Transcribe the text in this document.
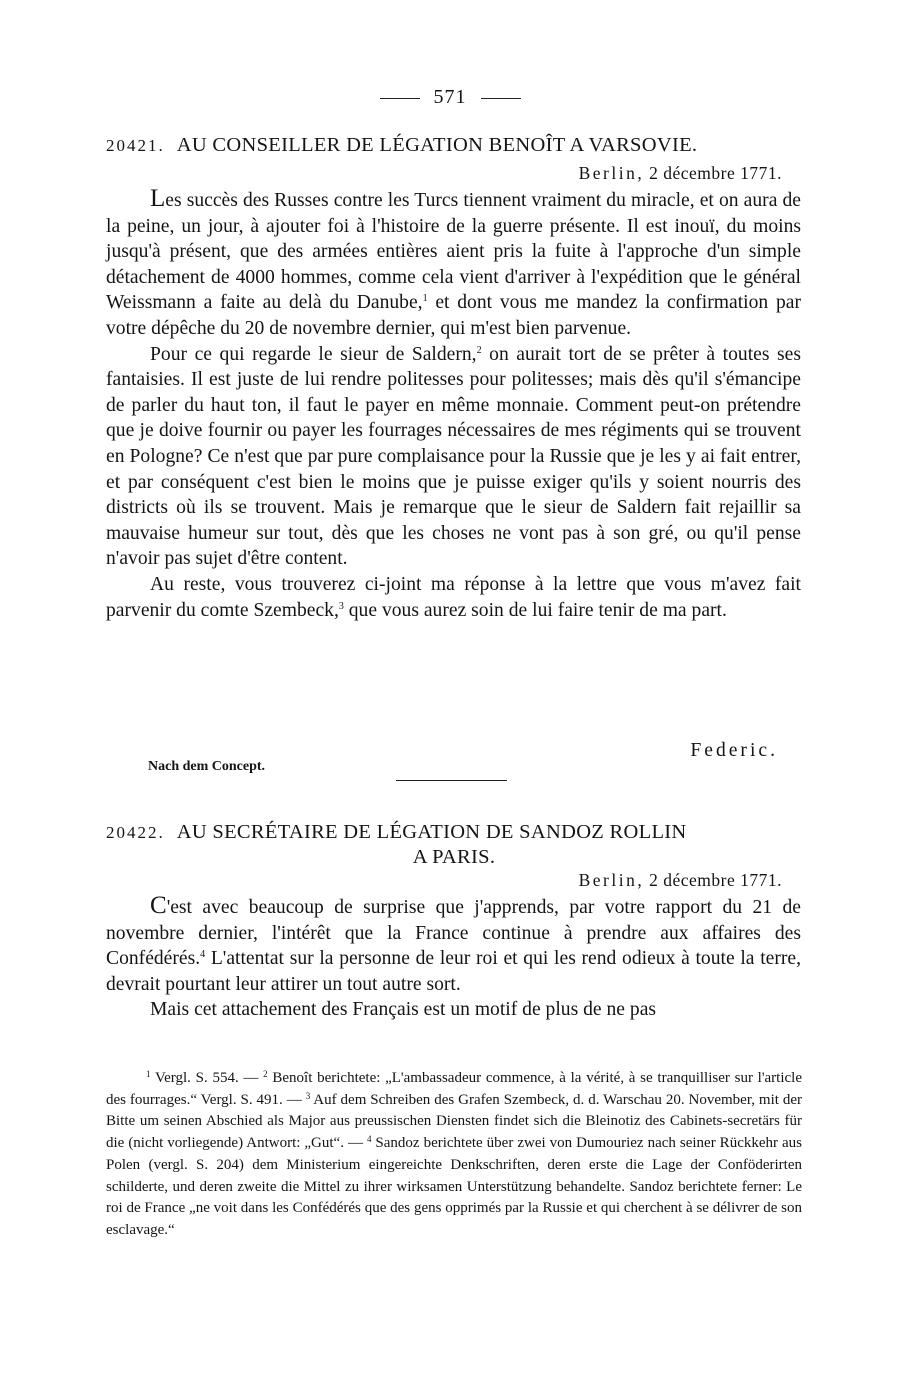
571
20421. AU CONSEILLER DE LÉGATION BENOÎT A VARSOVIE.
Berlin, 2 décembre 1771.

Les succès des Russes contre les Turcs tiennent vraiment du miracle, et on aura de la peine, un jour, à ajouter foi à l'histoire de la guerre présente. Il est inouï, du moins jusqu'à présent, que des armées entières aient pris la fuite à l'approche d'un simple détachement de 4000 hommes, comme cela vient d'arriver à l'expédition que le général Weissmann a faite au delà du Danube,$^1$ et dont vous me mandez la confirmation par votre dépêche du 20 de novembre dernier, qui m'est bien parvenue.

Pour ce qui regarde le sieur de Saldern,$^2$ on aurait tort de se prêter à toutes ses fantaisies. Il est juste de lui rendre politesses pour politesses; mais dès qu'il s'émancipe de parler du haut ton, il faut le payer en même monnaie. Comment peut-on prétendre que je doive fournir ou payer les fourrages nécessaires de mes régiments qui se trouvent en Pologne? Ce n'est que par pure complaisance pour la Russie que je les y ai fait entrer, et par conséquent c'est bien le moins que je puisse exiger qu'ils y soient nourris des districts où ils se trouvent. Mais je remarque que le sieur de Saldern fait rejaillir sa mauvaise humeur sur tout, dès que les choses ne vont pas à son gré, ou qu'il pense n'avoir pas sujet d'être content.

Au reste, vous trouverez ci-joint ma réponse à la lettre que vous m'avez fait parvenir du comte Szembeck,$^3$ que vous aurez soin de lui faire tenir de ma part.

Federic.
Nach dem Concept.
20422. AU SECRÉTAIRE DE LÉGATION DE SANDOZ ROLLIN
A PARIS.
Berlin, 2 décembre 1771.

C'est avec beaucoup de surprise que j'apprends, par votre rapport du 21 de novembre dernier, l'intérêt que la France continue à prendre aux affaires des Confédérés.$^4$ L'attentat sur la personne de leur roi et qui les rend odieux à toute la terre, devrait pourtant leur attirer un tout autre sort.

Mais cet attachement des Français est un motif de plus de ne pas

$^1$ Vergl. S. 554. — $^2$ Benoît berichtete: „L'ambassadeur commence, à la vérité, à se tranquilliser sur l'article des fourrages.“ Vergl. S. 491. — $^3$ Auf dem Schreiben des Grafen Szembeck, d. d. Warschau 20. November, mit der Bitte um seinen Abschied als Major aus preussischen Diensten findet sich die Bleinotiz des Cabinets-secretärs für die (nicht vorliegende) Antwort: „Gut“. — $^4$ Sandoz berichtete über zwei von Dumouriez nach seiner Rückkehr aus Polen (vergl. S. 204) dem Ministerium eingereichte Denkschriften, deren erste die Lage der Conföderirten schilderte, und deren zweite die Mittel zu ihrer wirksamen Unterstützung behandelte. Sandoz berichtete ferner: Le roi de France „ne voit dans les Confédérés que des gens opprimés par la Russie et qui cherchent à se délivrer de son esclavage.“
